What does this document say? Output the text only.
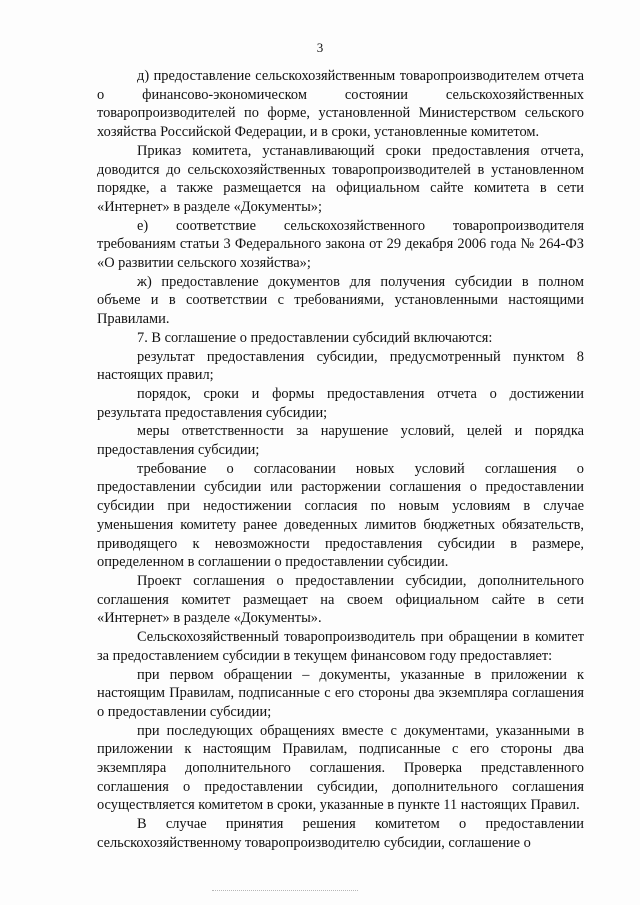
3

д) предоставление сельскохозяйственным товаропроизводителем отчета о финансово-экономическом состоянии сельскохозяйственных товаропроизводителей по форме, установленной Министерством сельского хозяйства Российской Федерации, и в сроки, установленные комитетом.

Приказ комитета, устанавливающий сроки предоставления отчета, доводится до сельскохозяйственных товаропроизводителей в установленном порядке, а также размещается на официальном сайте комитета в сети «Интернет» в разделе «Документы»;

е) соответствие сельскохозяйственного товаропроизводителя требованиям статьи 3 Федерального закона от 29 декабря 2006 года № 264-ФЗ «О развитии сельского хозяйства»;

ж) предоставление документов для получения субсидии в полном объеме и в соответствии с требованиями, установленными настоящими Правилами.

7. В соглашение о предоставлении субсидий включаются:

результат предоставления субсидии, предусмотренный пунктом 8 настоящих правил;

порядок, сроки и формы предоставления отчета о достижении результата предоставления субсидии;

меры ответственности за нарушение условий, целей и порядка предоставления субсидии;

требование о согласовании новых условий соглашения о предоставлении субсидии или расторжении соглашения о предоставлении субсидии при недостижении согласия по новым условиям в случае уменьшения комитету ранее доведенных лимитов бюджетных обязательств, приводящего к невозможности предоставления субсидии в размере, определенном в соглашении о предоставлении субсидии.

Проект соглашения о предоставлении субсидии, дополнительного соглашения комитет размещает на своем официальном сайте в сети «Интернет» в разделе «Документы».

Сельскохозяйственный товаропроизводитель при обращении в комитет за предоставлением субсидии в текущем финансовом году предоставляет:

при первом обращении – документы, указанные в приложении к настоящим Правилам, подписанные с его стороны два экземпляра соглашения о предоставлении субсидии;

при последующих обращениях вместе с документами, указанными в приложении к настоящим Правилам, подписанные с его стороны два экземпляра дополнительного соглашения. Проверка представленного соглашения о предоставлении субсидии, дополнительного соглашения осуществляется комитетом в сроки, указанные в пункте 11 настоящих Правил.

В случае принятия решения комитетом о предоставлении сельскохозяйственному товаропроизводителю субсидии, соглашение о
